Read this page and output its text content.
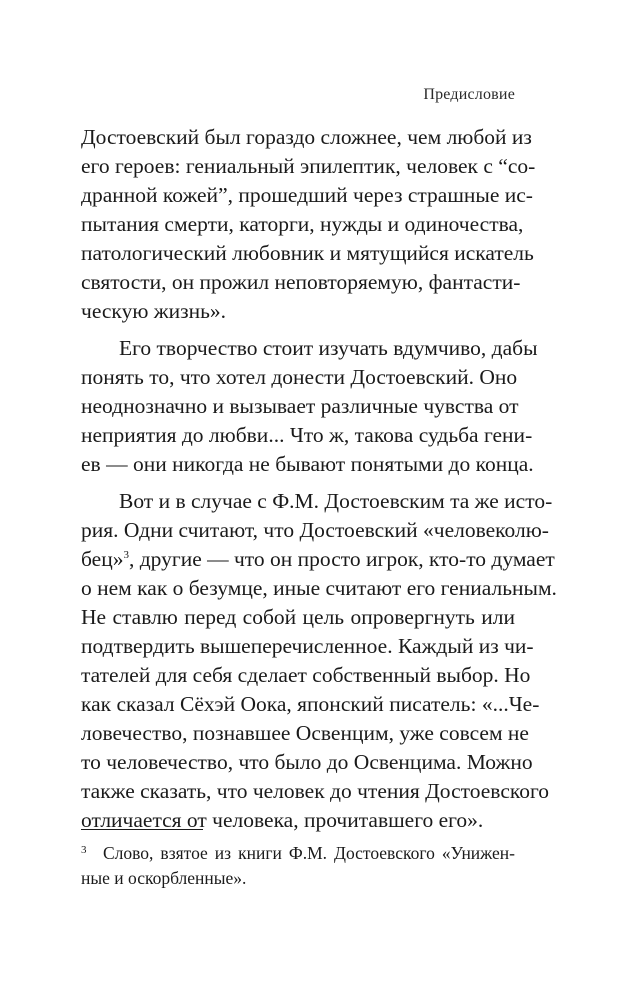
Предисловие
Достоевский был гораздо сложнее, чем любой из
его героев: гениальный эпилептик, человек с “со-
дранной кожей”, прошедший через страшные ис-
пытания смерти, каторги, нужды и одиночества,
патологический любовник и мятущийся искатель
святости, он прожил неповторяемую, фантасти-
ческую жизнь».
Его творчество стоит изучать вдумчиво, дабы
понять то, что хотел донести Достоевский. Оно
неоднозначно и вызывает различные чувства от
неприятия до любви... Что ж, такова судьба гени-
ев — они никогда не бывают понятыми до конца.
Вот и в случае с Ф.М. Достоевским та же исто-
рия. Одни считают, что Достоевский «человеколю-
бец»$^3$, другие — что он просто игрок, кто-то думает
о нем как о безумце, иные считают его гениальным.
Не ставлю перед собой цель опровергнуть или
подтвердить вышеперечисленное. Каждый из чи-
тателей для себя сделает собственный выбор. Но
как сказал Сёхэй Оока, японский писатель: «...Че-
ловечество, познавшее Освенцим, уже совсем не
то человечество, что было до Освенцима. Можно
также сказать, что человек до чтения Достоевского
отличается от человека, прочитавшего его».
3 Слово, взятое из книги Ф.М. Достоевского «Унижен-
ные и оскорбленные».
